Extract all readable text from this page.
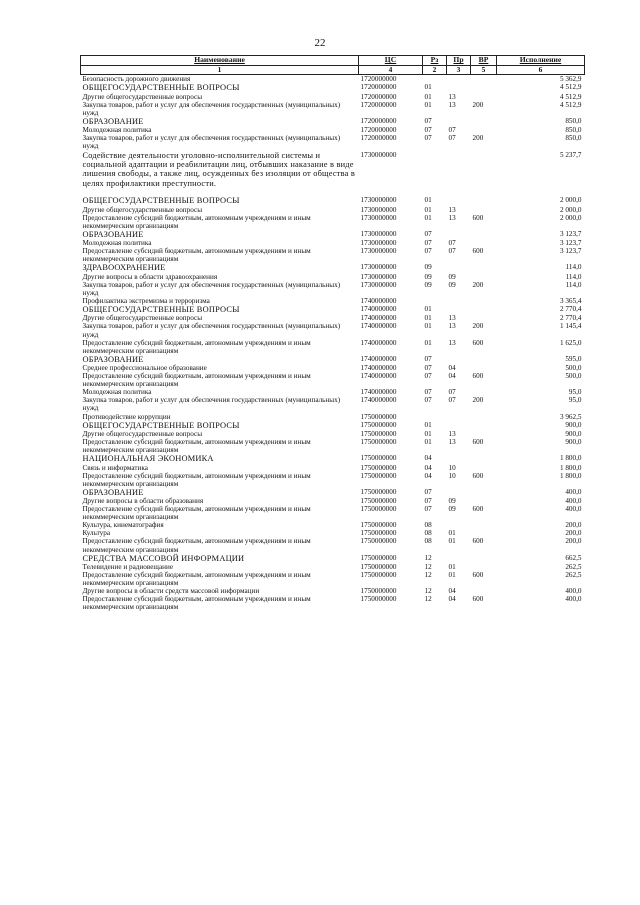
22
Наименование	ЦС	Рз	Пр	ВР	Исполнение
1	4	2	3	5	6
Безопасность дорожного движения	1720000000				5 362,9
ОБЩЕГОСУДАРСТВЕННЫЕ ВОПРОСЫ	1720000000	01			4 512,9
Другие общегосударственные вопросы	1720000000	01	13		4 512,9
Закупка товаров, работ и услуг для обеспечения государственных (муниципальных) нужд	1720000000	01	13	200	4 512,9
ОБРАЗОВАНИЕ	1720000000	07			850,0
Молодежная политика	1720000000	07	07		850,0
Закупка товаров, работ и услуг для обеспечения государственных (муниципальных) нужд	1720000000	07	07	200	850,0
Содействие деятельности уголовно-исполнительной системы и социальной адаптации и реабилитации лиц, отбывших наказание в виде лишения свободы, а также лиц, осужденных без изоляции от общества в целях профилактики преступности.	1730000000				5 237,7

ОБЩЕГОСУДАРСТВЕННЫЕ ВОПРОСЫ	1730000000	01			2 000,0
Другие общегосударственные вопросы	1730000000	01	13		2 000,0
Предоставление субсидий бюджетным, автономным учреждениям и иным некоммерческим организациям	1730000000	01	13	600	2 000,0
ОБРАЗОВАНИЕ	1730000000	07			3 123,7
Молодежная политика	1730000000	07	07		3 123,7
Предоставление субсидий бюджетным, автономным учреждениям и иным некоммерческим организациям	1730000000	07	07	600	3 123,7
ЗДРАВООХРАНЕНИЕ	1730000000	09			114,0
Другие вопросы в области здравоохранения	1730000000	09	09		114,0
Закупка товаров, работ и услуг для обеспечения государственных (муниципальных) нужд	1730000000	09	09	200	114,0
Профилактика экстремизма и терроризма	1740000000				3 365,4
ОБЩЕГОСУДАРСТВЕННЫЕ ВОПРОСЫ	1740000000	01			2 770,4
Другие общегосударственные вопросы	1740000000	01	13		2 770,4
Закупка товаров, работ и услуг для обеспечения государственных (муниципальных) нужд	1740000000	01	13	200	1 145,4
Предоставление субсидий бюджетным, автономным учреждениям и иным некоммерческим организациям	1740000000	01	13	600	1 625,0
ОБРАЗОВАНИЕ	1740000000	07			595,0
Среднее профессиональное образование	1740000000	07	04		500,0
Предоставление субсидий бюджетным, автономным учреждениям и иным некоммерческим организациям	1740000000	07	04	600	500,0
Молодежная политика	1740000000	07	07		95,0
Закупка товаров, работ и услуг для обеспечения государственных (муниципальных) нужд	1740000000	07	07	200	95,0
Противодействие коррупции	1750000000				3 962,5
ОБЩЕГОСУДАРСТВЕННЫЕ ВОПРОСЫ	1750000000	01			900,0
Другие общегосударственные вопросы	1750000000	01	13		900,0
Предоставление субсидий бюджетным, автономным учреждениям и иным некоммерческим организациям	1750000000	01	13	600	900,0
НАЦИОНАЛЬНАЯ ЭКОНОМИКА	1750000000	04			1 800,0
Связь и информатика	1750000000	04	10		1 800,0
Предоставление субсидий бюджетным, автономным учреждениям и иным некоммерческим организациям	1750000000	04	10	600	1 800,0
ОБРАЗОВАНИЕ	1750000000	07			400,0
Другие вопросы в области образования	1750000000	07	09		400,0
Предоставление субсидий бюджетным, автономным учреждениям и иным некоммерческим организациям	1750000000	07	09	600	400,0
Культура, кинематография	1750000000	08			200,0
Культура	1750000000	08	01		200,0
Предоставление субсидий бюджетным, автономным учреждениям и иным некоммерческим организациям	1750000000	08	01	600	200,0
СРЕДСТВА МАССОВОЙ ИНФОРМАЦИИ	1750000000	12			662,5
Телевидение и радиовещание	1750000000	12	01		262,5
Предоставление субсидий бюджетным, автономным учреждениям и иным некоммерческим организациям	1750000000	12	01	600	262,5
Другие вопросы в области средств массовой информации	1750000000	12	04		400,0
Предоставление субсидий бюджетным, автономным учреждениям и иным некоммерческим организациям	1750000000	12	04	600	400,0
